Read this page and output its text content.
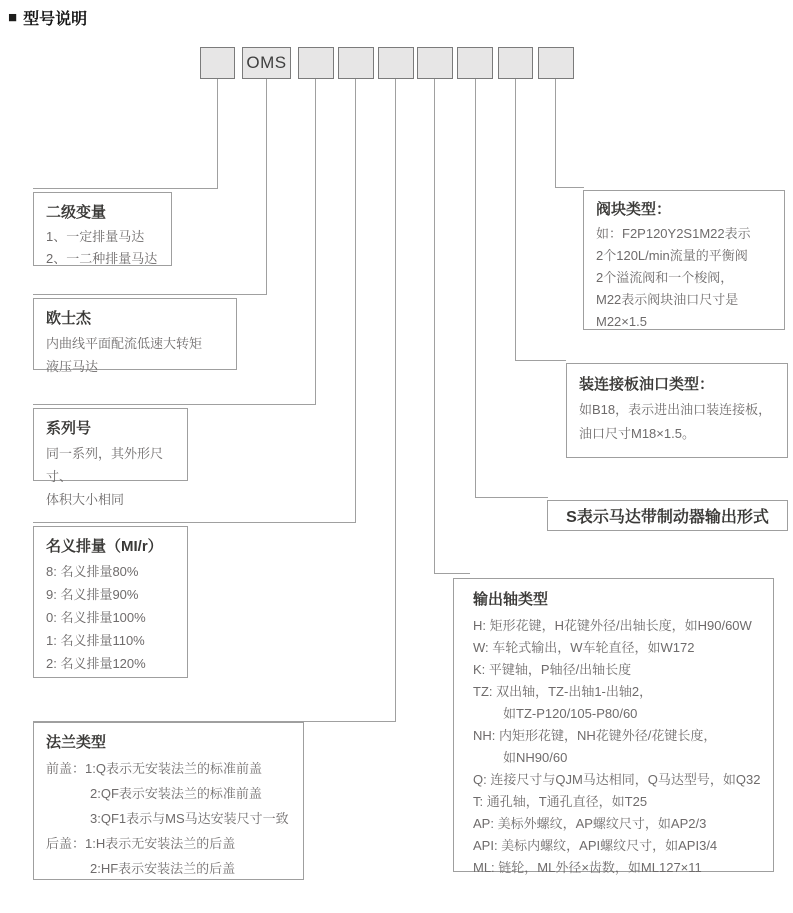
■ 型号说明
OMS
二级变量
1、一定排量马达
2、一二种排量马达
欧士杰
内曲线平面配流低速大转矩
液压马达
系列号
同一系列，其外形尺寸、
体积大小相同
名义排量（MI/r）
8: 名义排量80%
9: 名义排量90%
0: 名义排量100%
1: 名义排量110%
2: 名义排量120%
法兰类型
前盖：1:Q表示无安装法兰的标准前盖
2:QF表示安装法兰的标准前盖
3:QF1表示与MS马达安装尺寸一致
后盖：1:H表示无安装法兰的后盖
2:HF表示安装法兰的后盖
阀块类型：
如：F2P120Y2S1M22表示
2个120L/min流量的平衡阀
2个溢流阀和一个梭阀，
M22表示阀块油口尺寸是
M22×1.5
装连接板油口类型：
如B18，表示进出油口装连接板，
油口尺寸M18×1.5。
S表示马达带制动器输出形式
输出轴类型
H: 矩形花键，H花键外径/出轴长度，如H90/60W
W: 车轮式输出，W车轮直径，如W172
K: 平键轴，P轴径/出轴长度
TZ: 双出轴，TZ-出轴1-出轴2，
如TZ-P120/105-P80/60
NH: 内矩形花键，NH花键外径/花键长度，
如NH90/60
Q: 连接尺寸与QJM马达相同，Q马达型号，如Q32
T: 通孔轴，T通孔直径，如T25
AP: 美标外螺纹，AP螺纹尺寸，如AP2/3
API: 美标内螺纹，API螺纹尺寸，如API3/4
ML: 链轮，ML外径×齿数，如ML127×11
